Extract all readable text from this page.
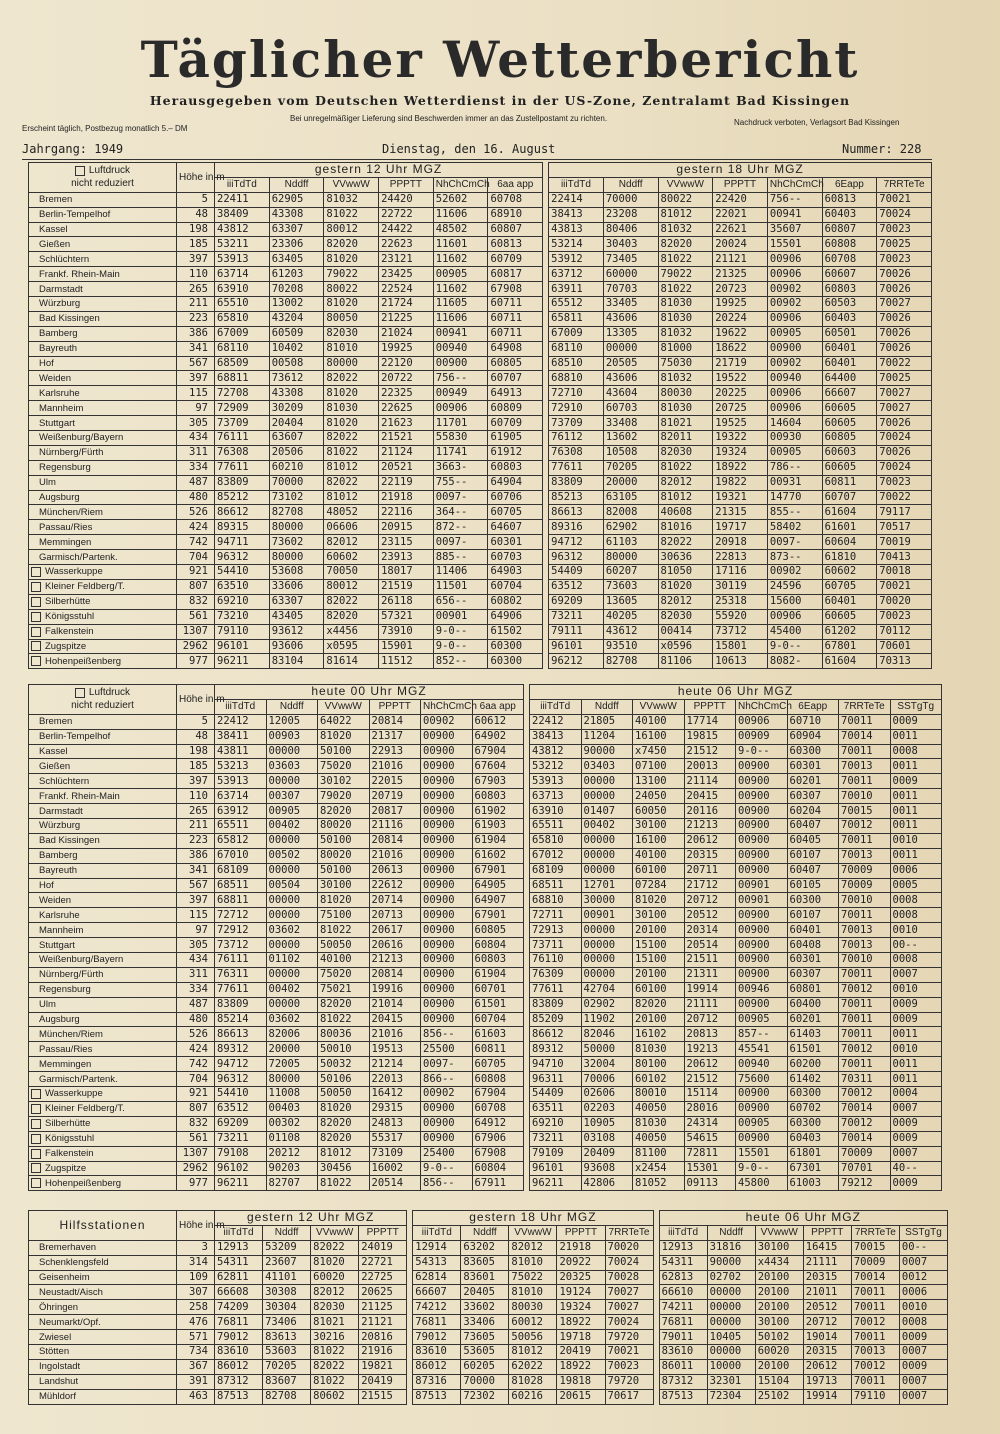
Täglicher Wetterbericht
Herausgegeben vom Deutschen Wetterdienst in der US-Zone, Zentralamt Bad Kissingen
Erscheint täglich, Postbezug monatlich 5.– DM
Bei unregelmäßiger Lieferung sind Beschwerden immer an das Zustellpostamt zu richten.	Nachdruck verboten, Verlagsort Bad Kissingen
Jahrgang: 1949	Dienstag, den 16. August	Nummer: 228
Luftdruck
nicht reduziert	Höhe in m	gestern 12 Uhr MGZ							gestern 18 Uhr MGZ						
		iiiTdTd	Nddff	VVwwW	PPPTT	NhChCmCh	6aa app		iiiTdTd	Nddff	VVwwW	PPPTT	NhChCmCh	6Eapp	7RRTeTe
Bremen	5	22411	62905	81032	24420	52602	60708		22414	70000	80022	22420	756--	60813	70021
Berlin-Tempelhof	48	38409	43308	81022	22722	11606	68910		38413	23208	81012	22021	00941	60403	70024
Kassel	198	43812	63307	80012	24422	48502	60807		43813	80406	81032	22621	35607	60807	70023
Gießen	185	53211	23306	82020	22623	11601	60813		53214	30403	82020	20024	15501	60808	70025
Schlüchtern	397	53913	63405	81020	23121	11602	60709		53912	73405	81022	21121	00906	60708	70023
Frankf. Rhein-Main	110	63714	61203	79022	23425	00905	60817		63712	60000	79022	21325	00906	60607	70026
Darmstadt	265	63910	70208	80022	22524	11602	67908		63911	70703	81022	20723	00902	60803	70026
Würzburg	211	65510	13002	81020	21724	11605	60711		65512	33405	81030	19925	00902	60503	70027
Bad Kissingen	223	65810	43204	80050	21225	11606	60711		65811	43606	81030	20224	00906	60403	70026
Bamberg	386	67009	60509	82030	21024	00941	60711		67009	13305	81032	19622	00905	60501	70026
Bayreuth	341	68110	10402	81010	19925	00940	64908		68110	00000	81000	18622	00900	60401	70026
Hof	567	68509	00508	80000	22120	00900	60805		68510	20505	75030	21719	00902	60401	70022
Weiden	397	68811	73612	82022	20722	756--	60707		68810	43606	81032	19522	00940	64400	70025
Karlsruhe	115	72708	43308	81020	22325	00949	64913		72710	43604	80030	20225	00906	66607	70027
Mannheim	97	72909	30209	81030	22625	00906	60809		72910	60703	81030	20725	00906	60605	70027
Stuttgart	305	73709	20404	81020	21623	11701	60709		73709	33408	81021	19525	14604	60605	70026
Weißenburg/Bayern	434	76111	63607	82022	21521	55830	61905		76112	13602	82011	19322	00930	60805	70024
Nürnberg/Fürth	311	76308	20506	81022	21124	11741	61912		76308	10508	82030	19324	00905	60603	70026
Regensburg	334	77611	60210	81012	20521	3663-	60803		77611	70205	81022	18922	786--	60605	70024
Ulm	487	83809	70000	82022	22119	755--	64904		83809	20000	82012	19822	00931	60811	70023
Augsburg	480	85212	73102	81012	21918	0097-	60706		85213	63105	81012	19321	14770	60707	70022
München/Riem	526	86612	82708	48052	22116	364--	60705		86613	82008	40608	21315	855--	61604	79117
Passau/Ries	424	89315	80000	06606	20915	872--	64607		89316	62902	81016	19717	58402	61601	70517
Memmingen	742	94711	73602	82012	23115	0097-	60301		94712	61103	82022	20918	0097-	60604	70019
Garmisch/Partenk.	704	96312	80000	60602	23913	885--	60703		96312	80000	30636	22813	873--	61810	70413
Wasserkuppe	921	54410	53608	70050	18017	11406	64903		54409	60207	81050	17116	00902	60602	70018
Kleiner Feldberg/T.	807	63510	33606	80012	21519	11501	60704		63512	73603	81020	30119	24596	60705	70021
Silberhütte	832	69210	63307	82022	26118	656--	60802		69209	13605	82012	25318	15600	60401	70020
Königsstuhl	561	73210	43405	82020	57321	00901	64906		73211	40205	82030	55920	00906	60605	70023
Falkenstein	1307	79110	93612	x4456	73910	9-0--	61502		79111	43612	00414	73712	45400	61202	70112
Zugspitze	2962	96101	93606	x0595	15901	9-0--	60300		96101	93510	x0596	15801	9-0--	67801	70601
Hohenpeißenberg	977	96211	83104	81614	11512	852--	60300		96212	82708	81106	10613	8082-	61604	70313
Luftdruck
nicht reduziert	Höhe in m	heute 00 Uhr MGZ							heute 06 Uhr MGZ							
		iiiTdTd	Nddff	VVwwW	PPPTT	NhChCmCh	6aa app		iiiTdTd	Nddff	VVwwW	PPPTT	NhChCmCh	6Eapp	7RRTeTe	SSTgTg
Bremen	5	22412	12005	64022	20814	00902	60612		22412	21805	40100	17714	00906	60710	70011	0009
Berlin-Tempelhof	48	38411	00903	81020	21317	00900	64902		38413	11204	16100	19815	00909	60904	70014	0011
Kassel	198	43811	00000	50100	22913	00900	67904		43812	90000	x7450	21512	9-0--	60300	70011	0008
Gießen	185	53213	03603	75020	21016	00900	67604		53212	03403	07100	20013	00900	60301	70013	0011
Schlüchtern	397	53913	00000	30102	22015	00900	67903		53913	00000	13100	21114	00900	60201	70011	0009
Frankf. Rhein-Main	110	63714	00307	79020	20719	00900	60803		63713	00000	24050	20415	00900	60307	70010	0011
Darmstadt	265	63912	00905	82020	20817	00900	61902		63910	01407	60050	20116	00900	60204	70015	0011
Würzburg	211	65511	00402	80020	21116	00900	61903		65511	00402	30100	21213	00900	60407	70012	0011
Bad Kissingen	223	65812	00000	50100	20814	00900	61904		65810	00000	16100	20612	00900	60405	70011	0010
Bamberg	386	67010	00502	80020	21016	00900	61602		67012	00000	40100	20315	00900	60107	70013	0011
Bayreuth	341	68109	00000	50100	20613	00900	67901		68109	00000	60100	20711	00900	60407	70009	0006
Hof	567	68511	00504	30100	22612	00900	64905		68511	12701	07284	21712	00901	60105	70009	0005
Weiden	397	68811	00000	81020	20714	00900	64907		68810	30000	81020	20712	00901	60300	70010	0008
Karlsruhe	115	72712	00000	75100	20713	00900	67901		72711	00901	30100	20512	00900	60107	70011	0008
Mannheim	97	72912	03602	81022	20617	00900	60805		72913	00000	20100	20314	00900	60401	70013	0010
Stuttgart	305	73712	00000	50050	20616	00900	60804		73711	00000	15100	20514	00900	60408	70013	00--
Weißenburg/Bayern	434	76111	01102	40100	21213	00900	60803		76110	00000	15100	21511	00900	60301	70010	0008
Nürnberg/Fürth	311	76311	00000	75020	20814	00900	61904		76309	00000	20100	21311	00900	60307	70011	0007
Regensburg	334	77611	00402	75021	19916	00900	60701		77611	42704	60100	19914	00946	60801	70012	0010
Ulm	487	83809	00000	82020	21014	00900	61501		83809	02902	82020	21111	00900	60400	70011	0009
Augsburg	480	85214	03602	81022	20415	00900	60704		85209	11902	20100	20712	00905	60201	70011	0009
München/Riem	526	86613	82006	80036	21016	856--	61603		86612	82046	16102	20813	857--	61403	70011	0011
Passau/Ries	424	89312	20000	50010	19513	25500	60811		89312	50000	81030	19213	45541	61501	70012	0010
Memmingen	742	94712	72005	50032	21214	0097-	60705		94710	32004	80100	20612	00940	60200	70011	0011
Garmisch/Partenk.	704	96312	80000	50106	22013	866--	60808		96311	70006	60102	21512	75600	61402	70311	0011
Wasserkuppe	921	54410	11008	50050	16412	00902	67904		54409	02606	80010	15114	00900	60300	70012	0004
Kleiner Feldberg/T.	807	63512	00403	81020	29315	00900	60708		63511	02203	40050	28016	00900	60702	70014	0007
Silberhütte	832	69209	00302	82020	24813	00900	64912		69210	10905	81030	24314	00905	60300	70012	0009
Königsstuhl	561	73211	01108	82020	55317	00900	67906		73211	03108	40050	54615	00900	60403	70014	0009
Falkenstein	1307	79108	20212	81012	73109	25400	67908		79109	20409	81100	72811	15501	61801	70009	0007
Zugspitze	2962	96102	90203	30456	16002	9-0--	60804		96101	93608	x2454	15301	9-0--	67301	70701	40--
Hohenpeißenberg	977	96211	82707	81022	20514	856--	67911		96211	42806	81052	09113	45800	61003	79212	0009
Hilfsstationen	Höhe in m	gestern 12 Uhr MGZ					gestern 18 Uhr MGZ						heute 06 Uhr MGZ					
		iiiTdTd	Nddff	VVwwW	PPPTT		iiiTdTd	Nddff	VVwwW	PPPTT	7RRTeTe		iiiTdTd	Nddff	VVwwW	PPPTT	7RRTeTe	SSTgTg
Bremerhaven	3	12913	53209	82022	24019		12914	63202	82012	21918	70020		12913	31816	30100	16415	70015	00--
Schenklengsfeld	314	54311	23607	81020	22721		54313	83605	81010	20922	70024		54311	90000	x4434	21111	70009	0007
Geisenheim	109	62811	41101	60020	22725		62814	83601	75022	20325	70028		62813	02702	20100	20315	70014	0012
Neustadt/Aisch	307	66608	30308	82012	20625		66607	20405	81010	19124	70027		66610	00000	20100	21011	70011	0006
Öhringen	258	74209	30304	82030	21125		74212	33602	80030	19324	70027		74211	00000	20100	20512	70011	0010
Neumarkt/Opf.	476	76811	73406	81021	21121		76811	33406	60012	18922	70024		76811	00000	30100	20712	70012	0008
Zwiesel	571	79012	83613	30216	20816		79012	73605	50056	19718	79720		79011	10405	50102	19014	70011	0009
Stötten	734	83610	53603	81022	21916		83610	53605	81012	20419	70021		83610	00000	60020	20315	70013	0007
Ingolstadt	367	86012	70205	82022	19821		86012	60205	62022	18922	70023		86011	10000	20100	20612	70012	0009
Landshut	391	87312	83607	81022	20419		87316	70000	81028	19818	79720		87312	32301	15104	19713	70011	0007
Mühldorf	463	87513	82708	80602	21515		87513	72302	60216	20615	70617		87513	72304	25102	19914	79110	0007
